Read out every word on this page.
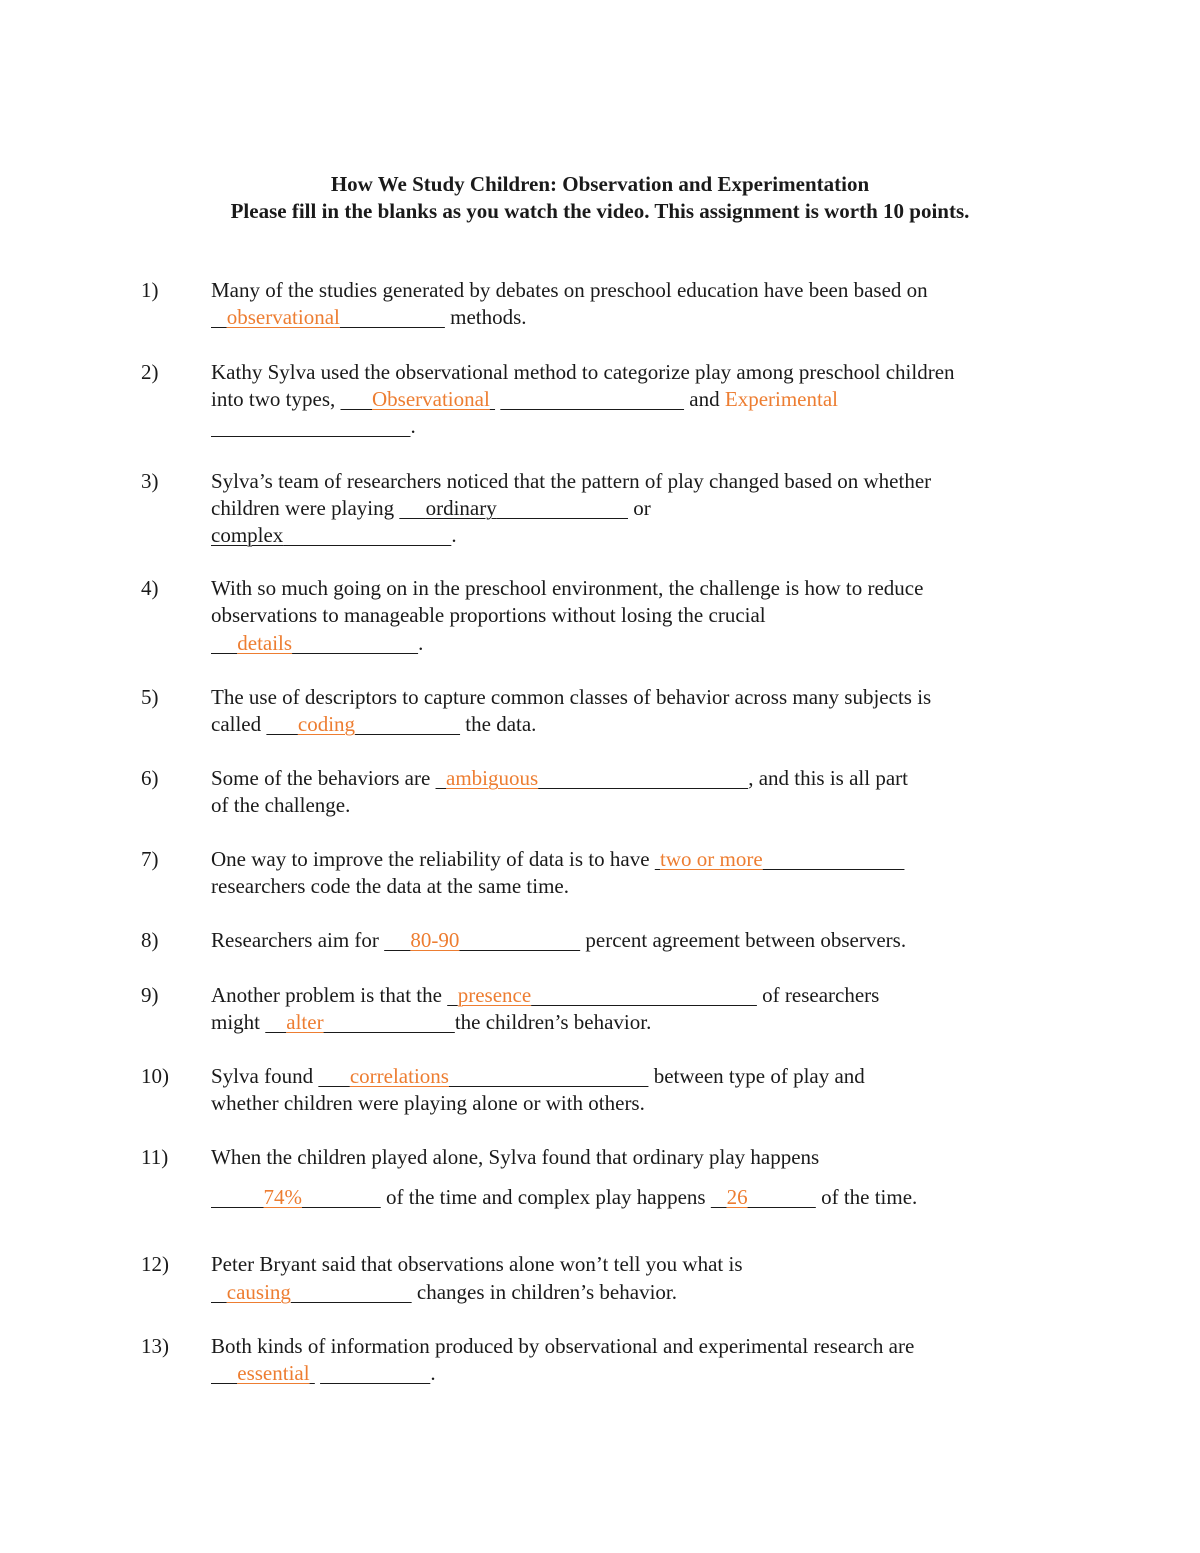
How We Study Children: Observation and Experimentation
Please fill in the blanks as you watch the video. This assignment is worth 10 points.
1)	Many of the studies generated by debates on preschool education have been based on
observational	methods.
2)	Kathy Sylva used the observational method to categorize play among preschool children
into two types,       Observational	and Experimental
.
3)	Sylva’s team of researchers noticed that the pattern of play changed based on whether
children were playing      ordinary	or
complex	.
4)	With so much going on in the preschool environment, the challenge is how to reduce
observations to manageable proportions without losing the crucial
details	.
5)	The use of descriptors to capture common classes of behavior across many subjects is
called       coding	the data.
6)	Some of the behaviors are   ambiguous	, and this is all part
of the challenge.
7)	One way to improve the reliability of data is to have  two or more
researchers code the data at the same time.
8)	Researchers aim for      80-90	percent agreement between observers.
9)	Another problem is that the   presence	of researchers
might     alter	the children’s behavior.
10) Sylva found       correlations	between type of play and
whether children were playing alone or with others.
11) When the children played alone, Sylva found that ordinary play happens
74%	of the time and complex play happens    26	of the time.
12) Peter Bryant said that observations alone won’t tell you what is
causing	changes in children’s behavior.
13) Both kinds of information produced by observational and experimental research are
essential	.
